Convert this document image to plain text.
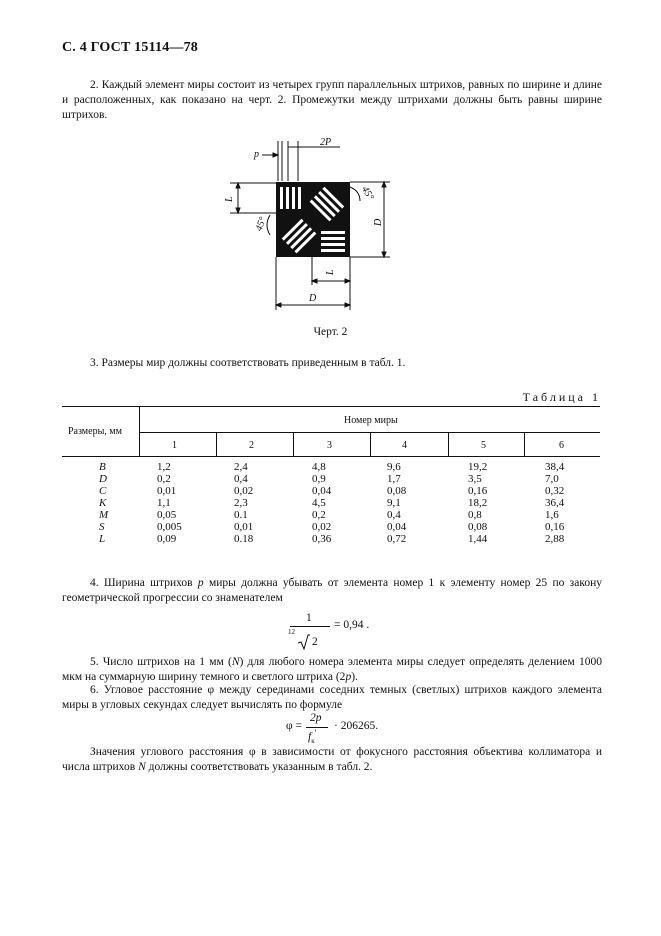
С. 4 ГОСТ 15114—78
2. Каждый элемент миры состоит из четырех групп параллельных штрихов, равных по ширине и длине и расположенных, как показано на черт. 2. Промежутки между штрихами должны быть равны ширине штрихов.
p
2P
L
D
45°
45°
L
D
Черт. 2
3. Размеры мир должны соответствовать приведенным в табл. 1.
Таблица 1
Размеры, мм
Номер миры
1	2	3	4	5	6
B	1,2	2,4	4,8	9,6	19,2	38,4
D	0,2	0,4	0,9	1,7	3,5	7,0
C	0,01	0,02	0,04	0,08	0,16	0,32
K	1,1	2,3	4,5	9,1	18,2	36,4
M	0,05	0.1	0,2	0,4	0,8	1,6
S	0,005	0,01	0,02	0,04	0,08	0,16
L	0,09	0.18	0,36	0,72	1,44	2,88
4. Ширина штрихов p миры должна убывать от элемента номер 1 к элементу номер 25 по закону геометрической прогрессии со знаменателем
1
12
2
= 0,94 .
5. Число штрихов на 1 мм (N) для любого номера элемента миры следует определять делением 1000 мкм на суммарную ширину темного и светлого штриха (2p).
6. Угловое расстояние φ между серединами соседних темных (светлых) штрихов каждого элемента миры в угловых секундах следует вычислять по формуле
φ =
2p
$f_к'$
· 206265.
Значения углового расстояния φ в зависимости от фокусного расстояния объектива коллиматора и числа штрихов N должны соответствовать указанным в табл. 2.
